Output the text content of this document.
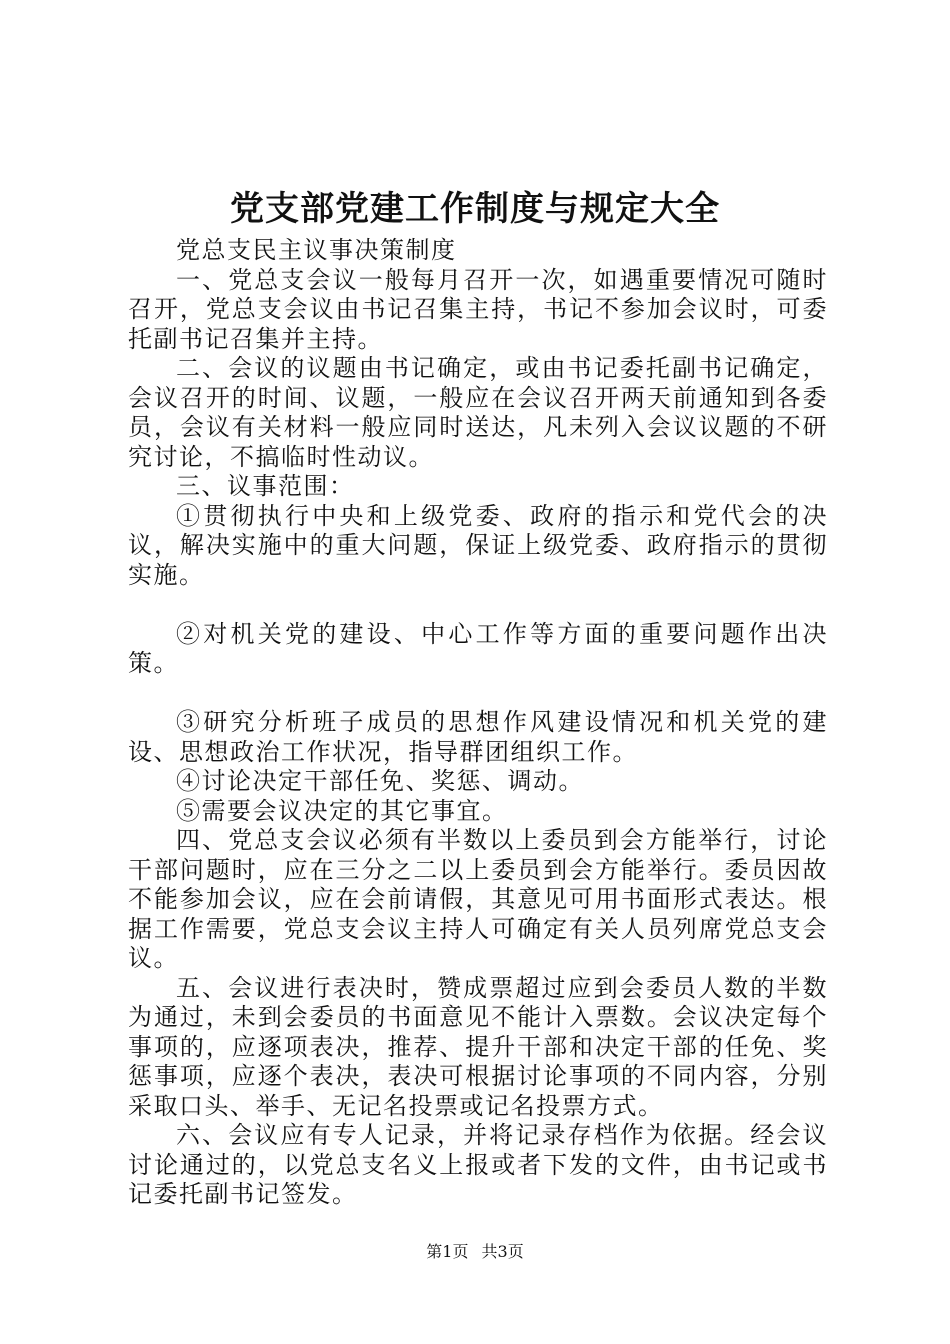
党支部党建工作制度与规定大全

党总支民主议事决策制度

一、党总支会议一般每月召开一次，如遇重要情况可随时召开，党总支会议由书记召集主持，书记不参加会议时，可委托副书记召集并主持。

二、会议的议题由书记确定，或由书记委托副书记确定，会议召开的时间、议题，一般应在会议召开两天前通知到各委员，会议有关材料一般应同时送达，凡未列入会议议题的不研究讨论，不搞临时性动议。

三、议事范围：

①贯彻执行中央和上级党委、政府的指示和党代会的决议，解决实施中的重大问题，保证上级党委、政府指示的贯彻实施。

②对机关党的建设、中心工作等方面的重要问题作出决策。

③研究分析班子成员的思想作风建设情况和机关党的建设、思想政治工作状况，指导群团组织工作。

④讨论决定干部任免、奖惩、调动。

⑤需要会议决定的其它事宜。

四、党总支会议必须有半数以上委员到会方能举行，讨论干部问题时，应在三分之二以上委员到会方能举行。委员因故不能参加会议，应在会前请假，其意见可用书面形式表达。根据工作需要，党总支会议主持人可确定有关人员列席党总支会议。

五、会议进行表决时，赞成票超过应到会委员人数的半数为通过，未到会委员的书面意见不能计入票数。会议决定每个事项的，应逐项表决，推荐、提升干部和决定干部的任免、奖惩事项，应逐个表决，表决可根据讨论事项的不同内容，分别采取口头、举手、无记名投票或记名投票方式。

六、会议应有专人记录，并将记录存档作为依据。经会议讨论通过的，以党总支名义上报或者下发的文件，由书记或书记委托副书记签发。

第1页 共3页
